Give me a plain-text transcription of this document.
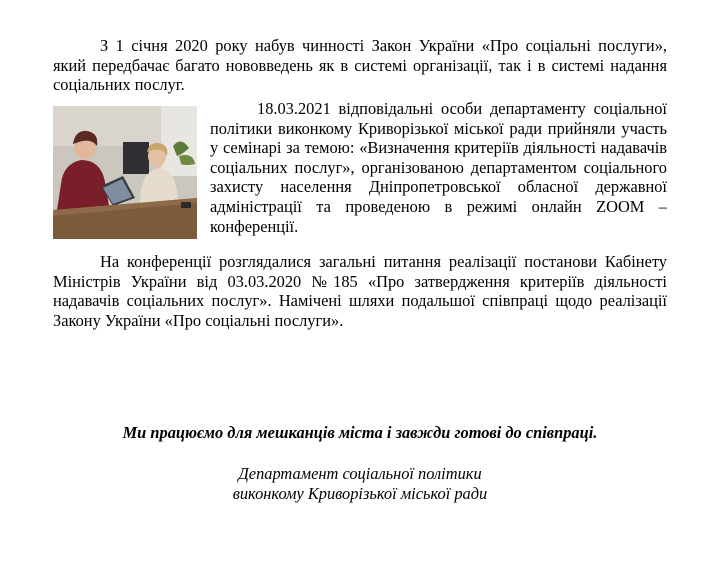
З 1 січня 2020 року набув чинності Закон України «Про соціальні послуги», який передбачає багато нововведень як в системі організації, так і в системі надання соціальних послуг.

18.03.2021 відповідальні особи департаменту соціальної політики виконкому Криворізької міської ради прийняли участь у семінарі за темою: «Визначення критеріїв діяльності надавачів соціальних послуг», організованою департаментом соціального захисту населення Дніпропетровської обласної державної адміністрації та проведеною в режимі онлайн ZOOM – конференції.

На конференції розглядалися загальні питання реалізації постанови Кабінету Міністрів України від 03.03.2020 №185 «Про затвердження критеріїв діяльності надавачів соціальних послуг». Намічені шляхи подальшої співпраці щодо реалізації Закону України «Про соціальні послуги».

Ми працюємо для мешканців міста і завжди готові до співпраці.

Департамент соціальної політики

виконкому Криворізької міської ради
